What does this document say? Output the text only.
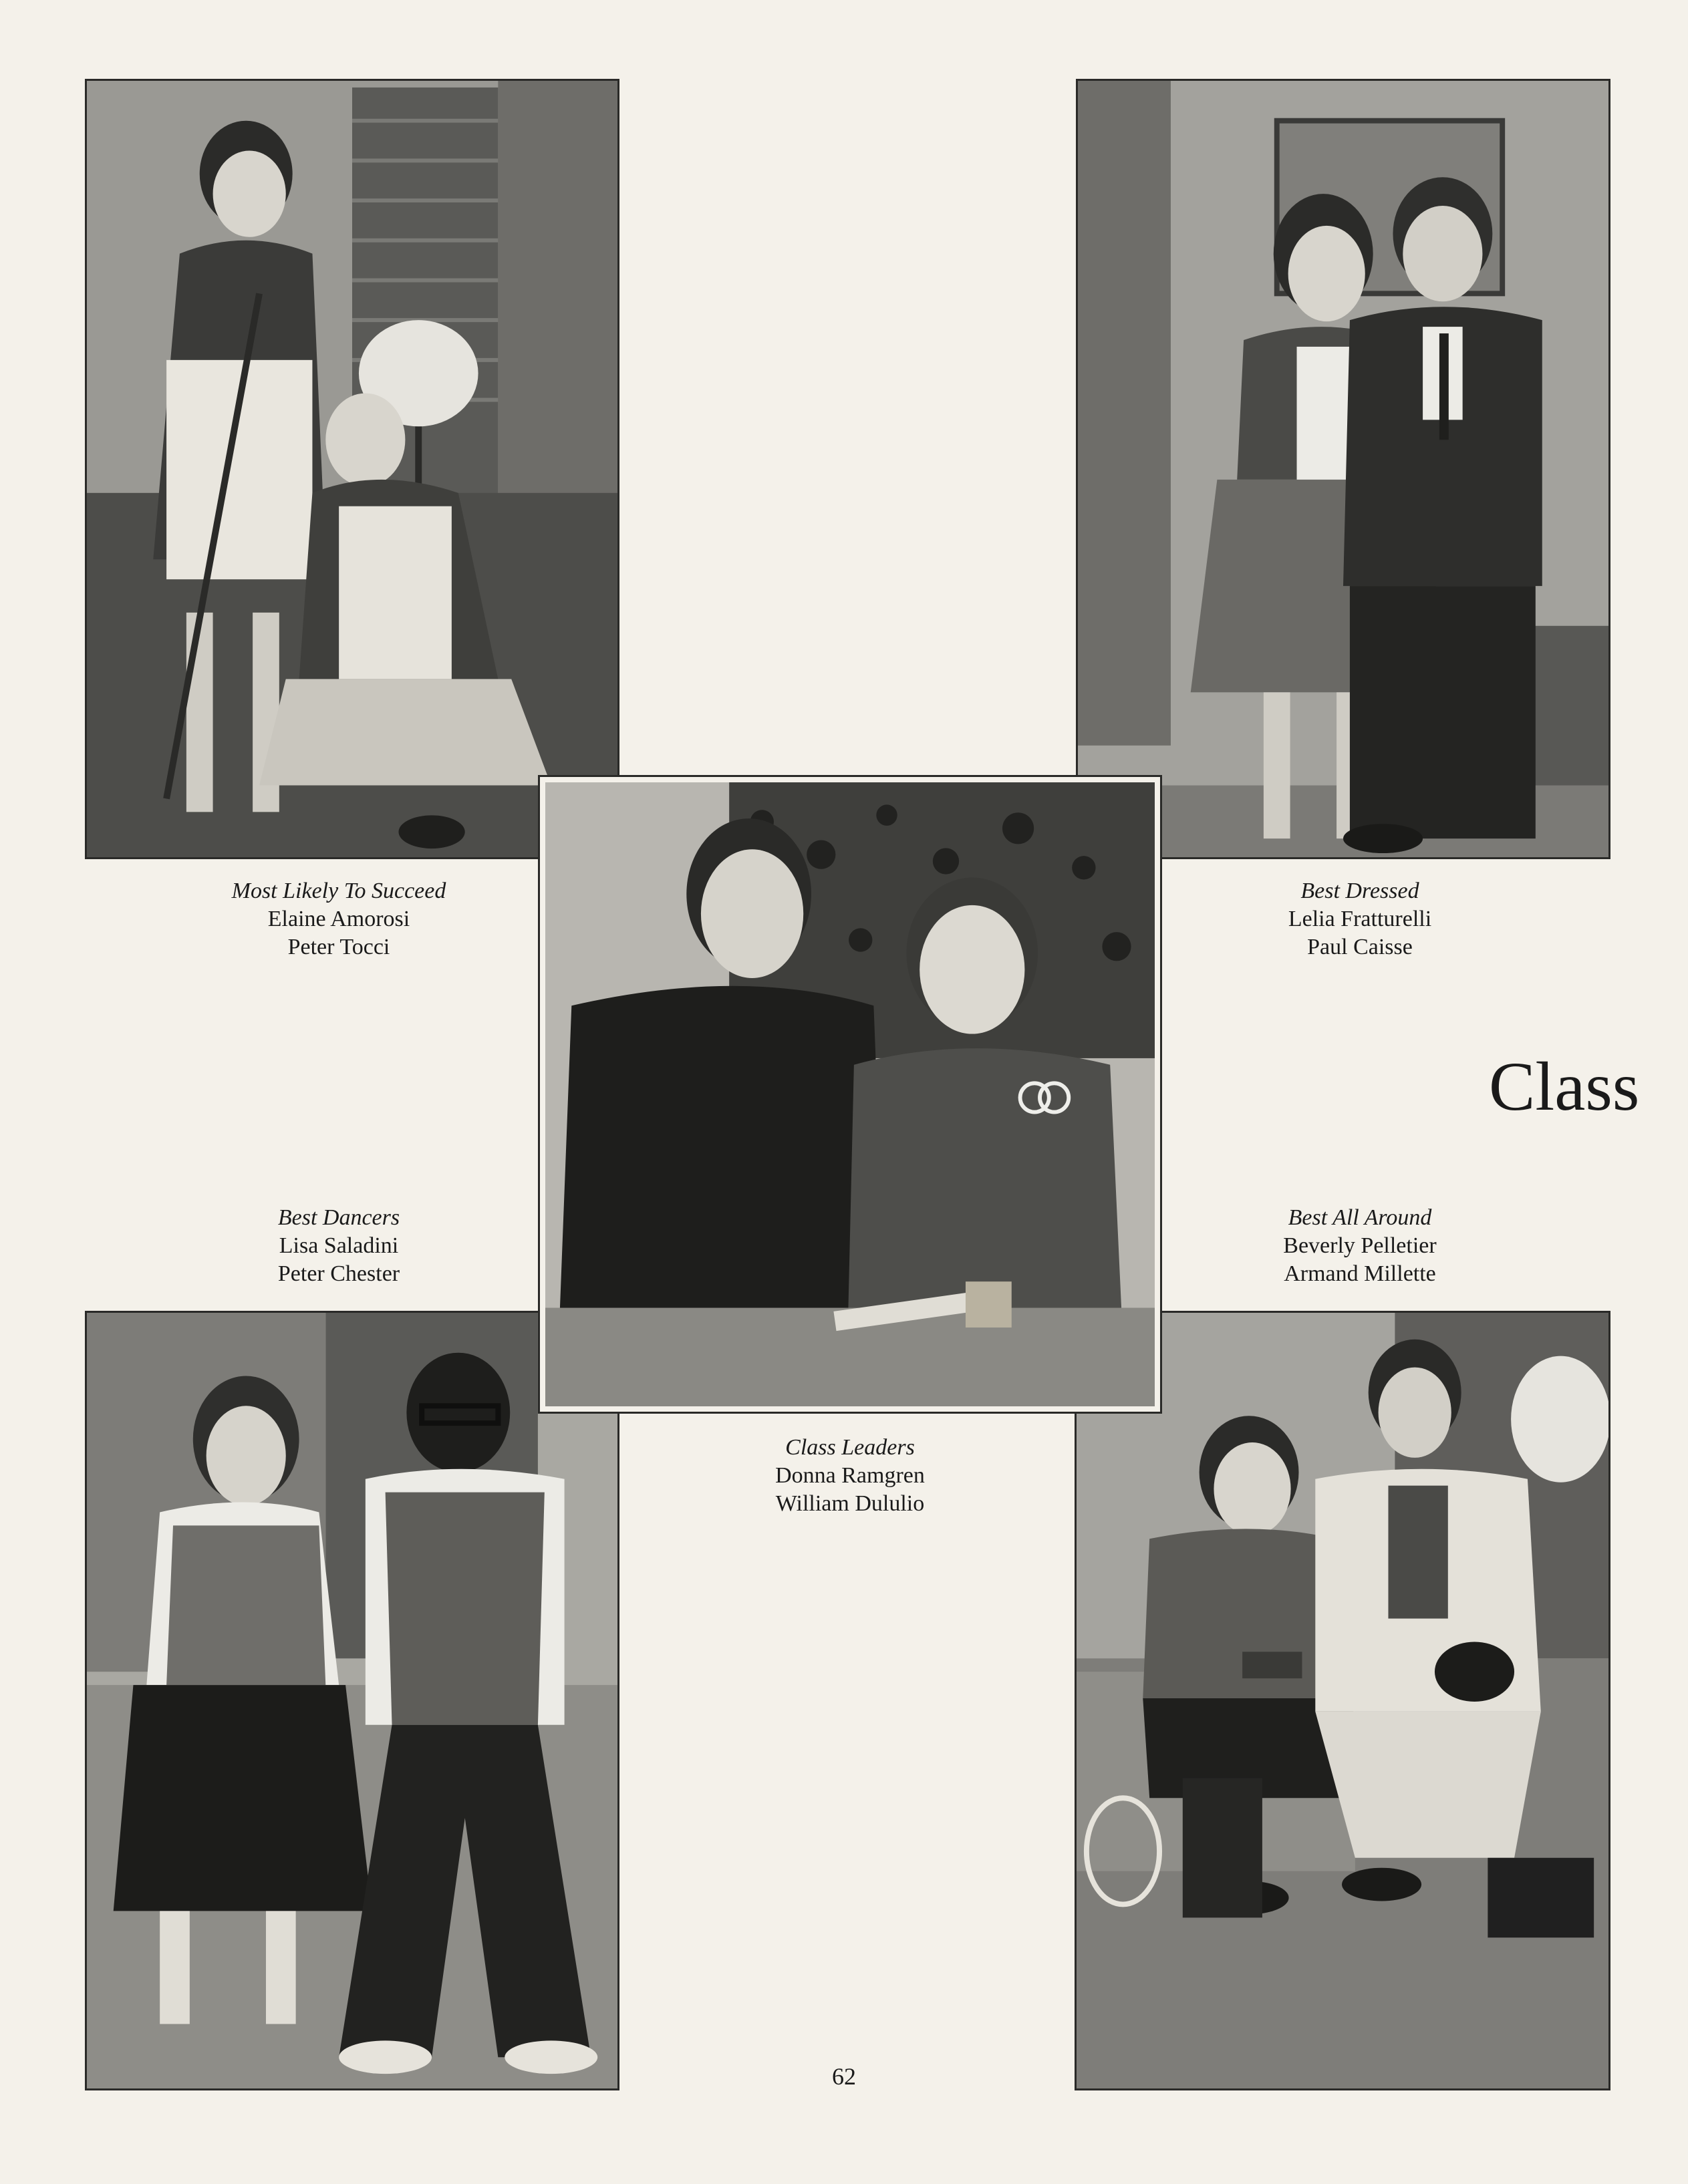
Most Likely To Succeed
Elaine Amorosi
Peter Tocci
Best Dressed
Lelia Fratturelli
Paul Caisse
Class
Best Dancers
Lisa Saladini
Peter Chester
Best All Around
Beverly Pelletier
Armand Millette
Class Leaders
Donna Ramgren
William Dululio
62
